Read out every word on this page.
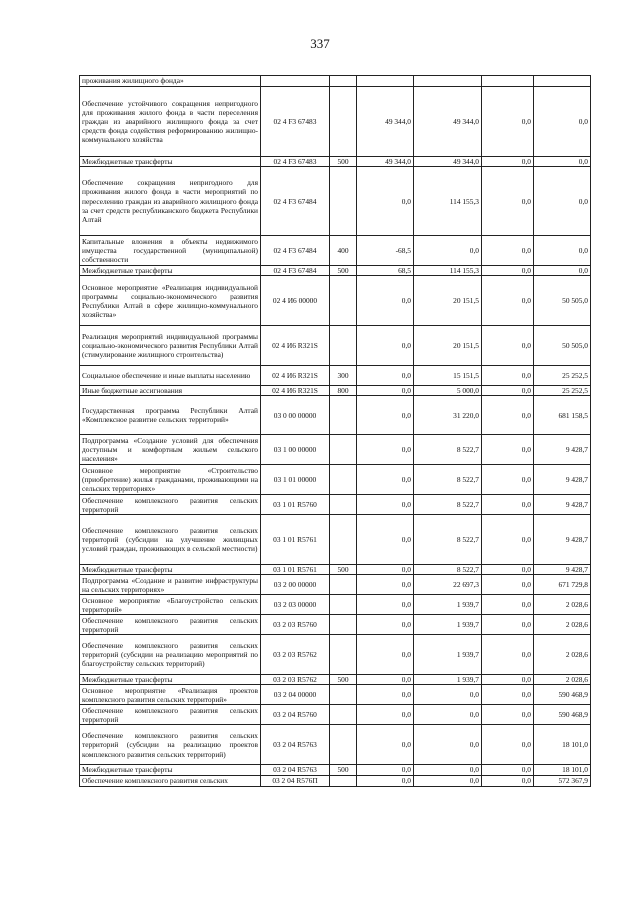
337
проживания жилищного фонда»						
Обеспечение устойчивого сокращения непригодного для проживания жилого фонда в части переселения граждан из аварийного жилищного фонда за счет средств фонда содействия реформированию жилищно-коммунального хозяйства	02 4 F3 67483		49 344,0	49 344,0	0,0	0,0
Межбюджетные трансферты	02 4 F3 67483	500	49 344,0	49 344,0	0,0	0,0
Обеспечение сокращения непригодного для проживания жилого фонда в части мероприятий по переселению граждан из аварийного жилищного фонда за счет средств республиканского бюджета Республики Алтай	02 4 F3 67484		0,0	114 155,3	0,0	0,0
Капитальные вложения в объекты недвижимого имущества государственной (муниципальной) собственности	02 4 F3 67484	400	-68,5	0,0	0,0	0,0
Межбюджетные трансферты	02 4 F3 67484	500	68,5	114 155,3	0,0	0,0
Основное мероприятие «Реализация индивидуальной программы социально-экономического развития Республики Алтай в сфере жилищно-коммунального хозяйства»	02 4 И6 00000		0,0	20 151,5	0,0	50 505,0
Реализация мероприятий индивидуальной программы социально-экономического развития Республики Алтай (стимулирование жилищного строительства)	02 4 И6 R321S		0,0	20 151,5	0,0	50 505,0
Социальное обеспечение и иные выплаты населению	02 4 И6 R321S	300	0,0	15 151,5	0,0	25 252,5
Иные бюджетные ассигнования	02 4 И6 R321S	800	0,0	5 000,0	0,0	25 252,5
Государственная программа Республики Алтай «Комплексное развитие сельских территорий»	03 0 00 00000		0,0	31 220,0	0,0	681 158,5
Подпрограмма «Создание условий для обеспечения доступным и комфортным жильем сельского населения»	03 1 00 00000		0,0	8 522,7	0,0	9 428,7
Основное мероприятие «Строительство (приобретение) жилья гражданами, проживающими на сельских территориях»	03 1 01 00000		0,0	8 522,7	0,0	9 428,7
Обеспечение комплексного развития сельских территорий	03 1 01 R5760		0,0	8 522,7	0,0	9 428,7
Обеспечение комплексного развития сельских территорий (субсидии на улучшение жилищных условий граждан, проживающих в сельской местности)	03 1 01 R5761		0,0	8 522,7	0,0	9 428,7
Межбюджетные трансферты	03 1 01 R5761	500	0,0	8 522,7	0,0	9 428,7
Подпрограмма «Создание и развитие инфраструктуры на сельских территориях»	03 2 00 00000		0,0	22 697,3	0,0	671 729,8
Основное мероприятие «Благоустройство сельских территорий»	03 2 03 00000		0,0	1 939,7	0,0	2 028,6
Обеспечение комплексного развития сельских территорий	03 2 03 R5760		0,0	1 939,7	0,0	2 028,6
Обеспечение комплексного развития сельских территорий (субсидии на реализацию мероприятий по благоустройству сельских территорий)	03 2 03 R5762		0,0	1 939,7	0,0	2 028,6
Межбюджетные трансферты	03 2 03 R5762	500	0,0	1 939,7	0,0	2 028,6
Основное мероприятие «Реализация проектов комплексного развития сельских территорий»	03 2 04 00000		0,0	0,0	0,0	590 468,9
Обеспечение комплексного развития сельских территорий	03 2 04 R5760		0,0	0,0	0,0	590 468,9
Обеспечение комплексного развития сельских территорий (субсидии на реализацию проектов комплексного развития сельских территорий)	03 2 04 R5763		0,0	0,0	0,0	18 101,0
Межбюджетные трансферты	03 2 04 R5763	500	0,0	0,0	0,0	18 101,0
Обеспечение комплексного развития сельских	03 2 04 R576П		0,0	0,0	0,0	572 367,9
